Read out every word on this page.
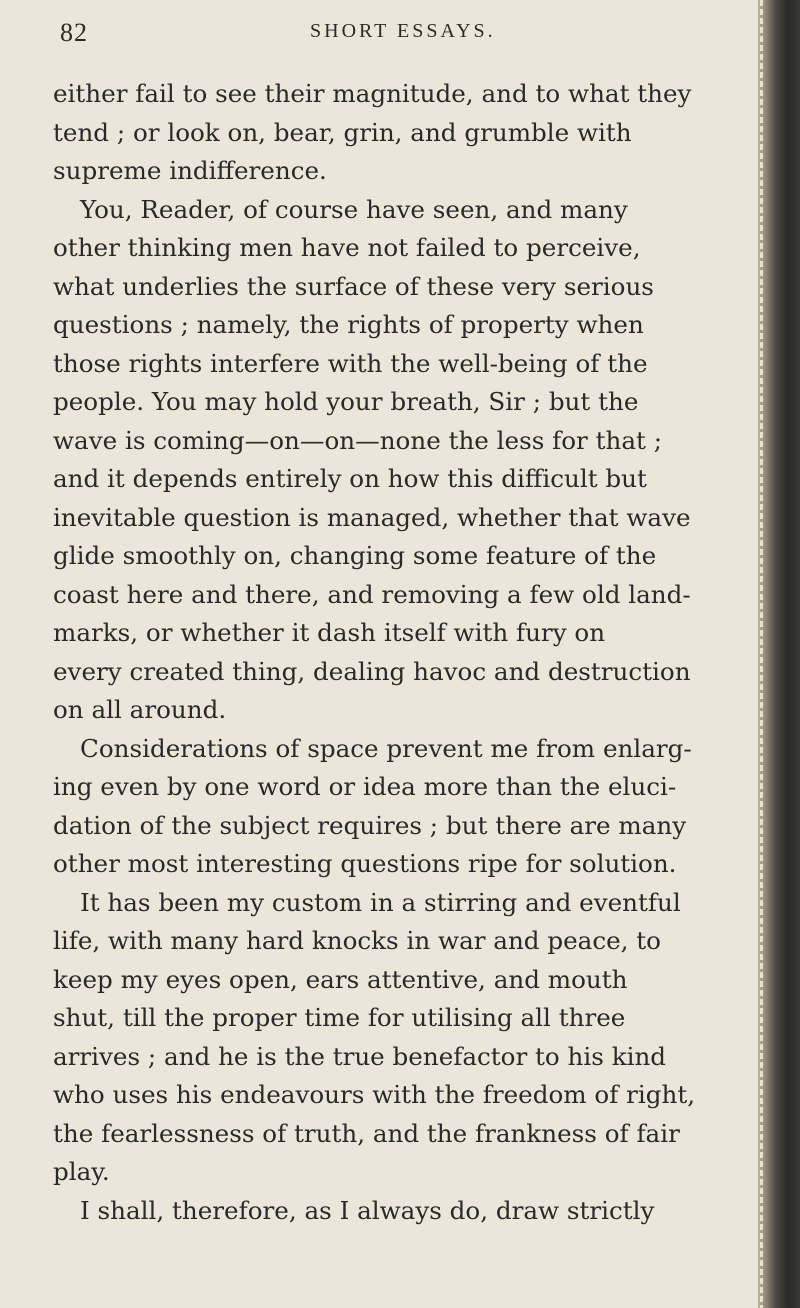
82	SHORT ESSAYS.
either fail to see their magnitude, and to what they
tend ; or look on, bear, grin, and grumble with
supreme indifference.
You, Reader, of course have seen, and many
other thinking men have not failed to perceive,
what underlies the surface of these very serious
questions ; namely, the rights of property when
those rights interfere with the well-being of the
people. You may hold your breath, Sir ; but the
wave is coming—on—on—none the less for that ;
and it depends entirely on how this difficult but
inevitable question is managed, whether that wave
glide smoothly on, changing some feature of the
coast here and there, and removing a few old land-
marks, or whether it dash itself with fury on
every created thing, dealing havoc and destruction
on all around.
Considerations of space prevent me from enlarg-
ing even by one word or idea more than the eluci-
dation of the subject requires ; but there are many
other most interesting questions ripe for solution.
It has been my custom in a stirring and eventful
life, with many hard knocks in war and peace, to
keep my eyes open, ears attentive, and mouth
shut, till the proper time for utilising all three
arrives ; and he is the true benefactor to his kind
who uses his endeavours with the freedom of right,
the fearlessness of truth, and the frankness of fair
play.
I shall, therefore, as I always do, draw strictly
